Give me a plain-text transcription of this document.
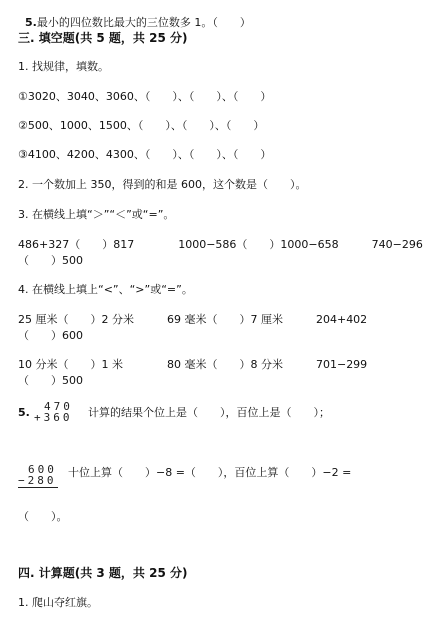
5.最小的四位数比最大的三位数多 1。（　　）

三. 填空题(共 5 题，共 25 分)
1. 找规律，填数。
①3020、3040、3060、（　　）、（　　）、（　　）
②500、1000、1500、（　　）、（　　）、（　　）
③4100、4200、4300、（　　）、（　　）、（　　）
2. 一个数加上 350，得到的和是 600，这个数是（　　）。
3. 在横线上填“＞”“＜”或“=”。
486+327（　　）817　　　　1000−586（　　）1000−658　　　740−296
（　　）500
4. 在横线上填上“<”、“>”或“=”。
25 厘米（　　）2 分米　　　69 毫米（　　）7 厘米　　　204+402
（　　）600
10 分米（　　）1 米　　　　80 毫米（　　）8 分米　　　701−299
（　　）500
5.	470
+360	计算的结果个位上是（　　），百位上是（　　）；
600
−280
十位上算（　　）−8 =（　　），百位上算（　　）−2 =
（　　）。
四. 计算题(共 3 题，共 25 分)
1. 爬山夺红旗。
